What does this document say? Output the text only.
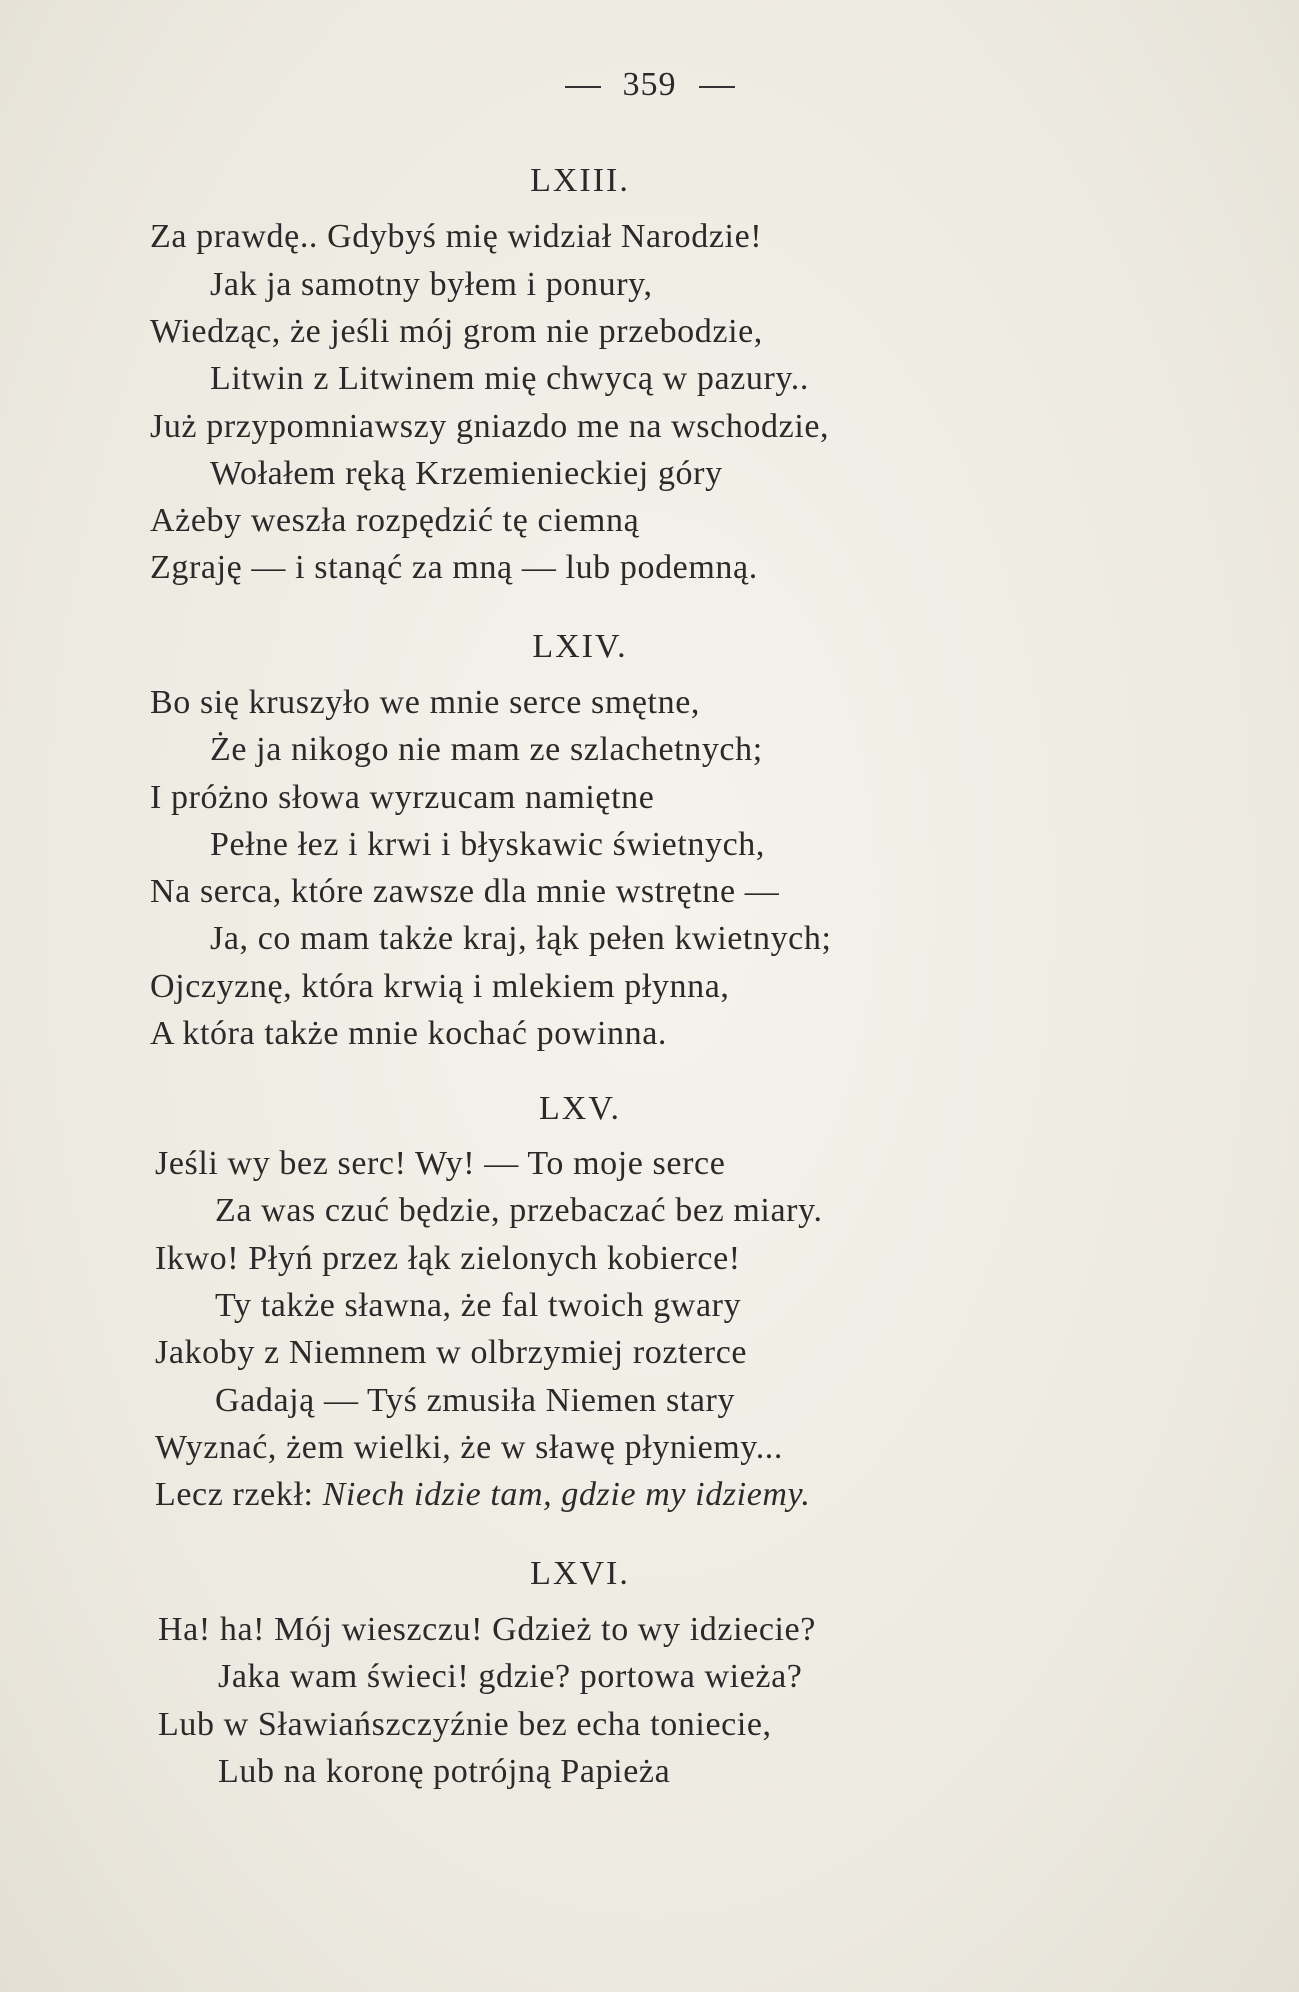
359
LXIII.
Za prawdę.. Gdybyś mię widział Narodzie!
Jak ja samotny byłem i ponury,
Wiedząc, że jeśli mój grom nie przebodzie,
Litwin z Litwinem mię chwycą w pazury..
Już przypomniawszy gniazdo me na wschodzie,
Wołałem ręką Krzemienieckiej góry
Ażeby weszła rozpędzić tę ciemną
Zgraję — i stanąć za mną — lub podemną.
LXIV.
Bo się kruszyło we mnie serce smętne,
Że ja nikogo nie mam ze szlachetnych;
I próżno słowa wyrzucam namiętne
Pełne łez i krwi i błyskawic świetnych,
Na serca, które zawsze dla mnie wstrętne —
Ja, co mam także kraj, łąk pełen kwietnych;
Ojczyznę, która krwią i mlekiem płynna,
A która także mnie kochać powinna.
LXV.
Jeśli wy bez serc! Wy! — To moje serce
Za was czuć będzie, przebaczać bez miary.
Ikwo! Płyń przez łąk zielonych kobierce!
Ty także sławna, że fal twoich gwary
Jakoby z Niemnem w olbrzymiej rozterce
Gadają — Tyś zmusiła Niemen stary
Wyznać, żem wielki, że w sławę płyniemy...
Lecz rzekł: Niech idzie tam, gdzie my idziemy.
LXVI.
Ha! ha! Mój wieszczu! Gdzież to wy idziecie?
Jaka wam świeci! gdzie? portowa wieża?
Lub w Sławiańszczyźnie bez echa toniecie,
Lub na koronę potrójną Papieża
